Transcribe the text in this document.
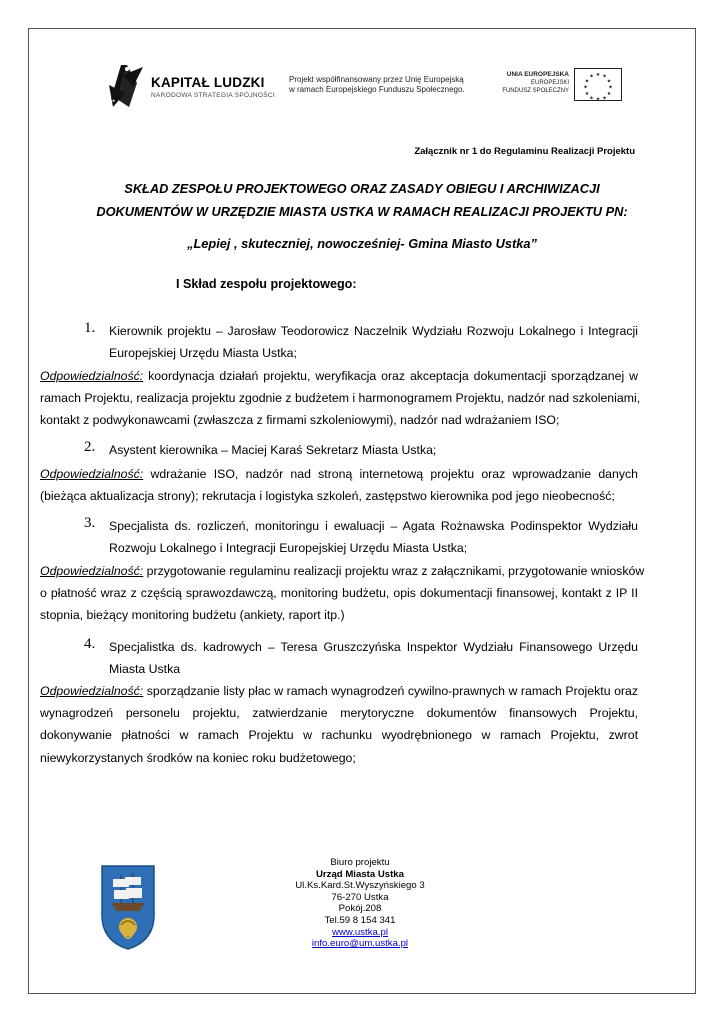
KAPITAŁ LUDZKI
NARODOWA STRATEGIA SPÓJNOŚCI
Projekt współfinansowany przez Unię Europejską
w ramach Europejskiego Funduszu Społecznego.
UNIA EUROPEJSKA
EUROPEJSKI
FUNDUSZ SPOŁECZNY
★ ★
★
★
★
★
★
★
★
★
★
★
Załącznik nr 1 do Regulaminu Realizacji Projektu
SKŁAD ZESPOŁU PROJEKTOWEGO ORAZ ZASADY OBIEGU I ARCHIWIZACJI
DOKUMENTÓW W URZĘDZIE MIASTA USTKA W RAMACH REALIZACJI PROJEKTU PN:
„Lepiej , skuteczniej, nowocześniej- Gmina Miasto Ustka”
I Skład zespołu projektowego:
1. Kierownik projektu – Jarosław Teodorowicz Naczelnik Wydziału Rozwoju Lokalnego i Integracji
Europejskiej Urzędu Miasta Ustka;
Odpowiedzialność: koordynacja działań projektu, weryfikacja oraz akceptacja dokumentacji sporządzanej w
ramach Projektu, realizacja projektu zgodnie z budżetem i harmonogramem Projektu, nadzór nad szkoleniami,
kontakt z podwykonawcami (zwłaszcza z firmami szkoleniowymi), nadzór nad wdrażaniem ISO;
2. Asystent kierownika – Maciej Karaś Sekretarz Miasta Ustka;
Odpowiedzialność: wdrażanie ISO, nadzór nad stroną internetową projektu oraz wprowadzanie danych
(bieżąca aktualizacja strony); rekrutacja i logistyka szkoleń, zastępstwo kierownika pod jego nieobecność;
3. Specjalista ds. rozliczeń, monitoringu i ewaluacji – Agata Rożnawska Podinspektor Wydziału
Rozwoju Lokalnego i Integracji Europejskiej Urzędu Miasta Ustka;
Odpowiedzialność: przygotowanie regulaminu realizacji projektu wraz z załącznikami, przygotowanie wniosków
o płatność wraz z częścią sprawozdawczą, monitoring budżetu, opis dokumentacji finansowej, kontakt z IP II
stopnia, bieżący monitoring budżetu (ankiety, raport itp.)
4. Specjalistka ds. kadrowych – Teresa Gruszczyńska Inspektor Wydziału Finansowego Urzędu
Miasta Ustka
Odpowiedzialność: sporządzanie listy płac w ramach wynagrodzeń cywilno-prawnych w ramach Projektu oraz
wynagrodzeń personelu projektu, zatwierdzanie merytoryczne dokumentów finansowych Projektu,
dokonywanie płatności w ramach Projektu w rachunku wyodrębnionego w ramach Projektu, zwrot
niewykorzystanych środków na koniec roku budżetowego;
Biuro projektu
Urząd Miasta Ustka
Ul.Ks.Kard.St.Wyszyńskiego 3
76-270 Ustka
Pokój.208
Tel.59 8 154 341
www.ustka.pl
info.euro@um.ustka.pl
